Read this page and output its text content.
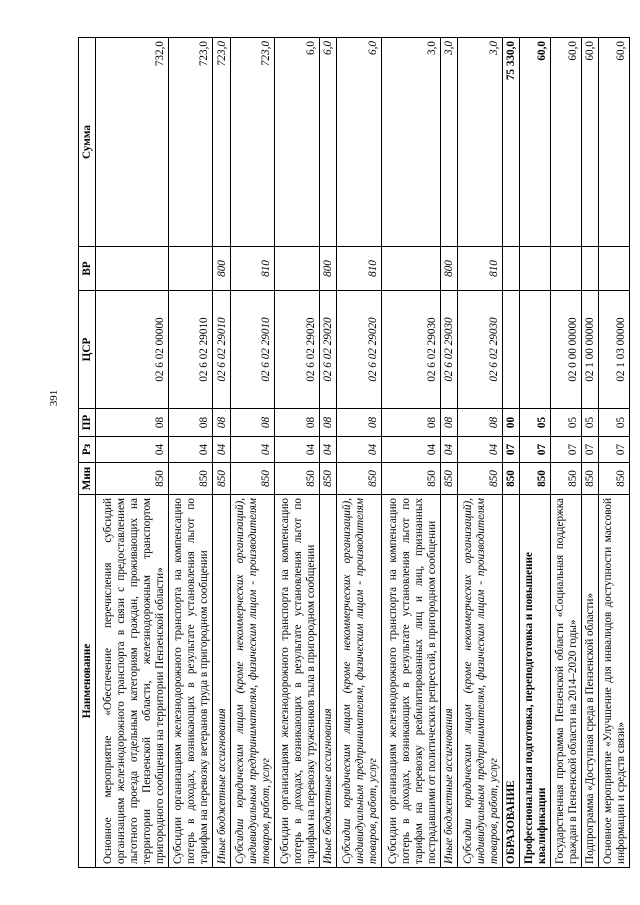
391
Наименование	Мин	Рз	ПР	ЦСР	ВР	Сумма
Основное мероприятие «Обеспечение перечисления субсидий организациям железнодорожного транспорта в связи с предоставлением льготного проезда отдельным категориям граждан, проживающих на территории Пензенской области, железнодорожным транспортом пригородного сообщения на территории Пензенской области»	850	04	08	02 6 02 00000		732,0
Субсидии организациям железнодорожного транспорта на компенсацию потерь в доходах, возникающих в результате установления льгот по тарифам на перевозку ветеранов труда в пригородном сообщении	850	04	08	02 6 02 29010		723,0
Иные бюджетные ассигнования	850	04	08	02 6 02 29010	800	723,0
Субсидии юридическим лицам (кроме некоммерческих организаций), индивидуальным предпринимателям, физическим лицам - производителям товаров, работ, услуг	850	04	08	02 6 02 29010	810	723,0
Субсидии организациям железнодорожного транспорта на компенсацию потерь в доходах, возникающих в результате установления льгот по тарифам на перевозку тружеников тыла в пригородном сообщении	850	04	08	02 6 02 29020		6,0
Иные бюджетные ассигнования	850	04	08	02 6 02 29020	800	6,0
Субсидии юридическим лицам (кроме некоммерческих организаций), индивидуальным предпринимателям, физическим лицам - производителям товаров, работ, услуг	850	04	08	02 6 02 29020	810	6,0
Субсидии организациям железнодорожного транспорта на компенсацию потерь в доходах, возникающих в результате установления льгот по тарифам на перевозку реабилитированных лиц и лиц, признанных пострадавшими от политических репрессий, в пригородном сообщении	850	04	08	02 6 02 29030		3,0
Иные бюджетные ассигнования	850	04	08	02 6 02 29030	800	3,0
Субсидии юридическим лицам (кроме некоммерческих организаций), индивидуальным предпринимателям, физическим лицам - производителям товаров, работ, услуг	850	04	08	02 6 02 29030	810	3,0
ОБРАЗОВАНИЕ	850	07	00			75 330,0
Профессиональная подготовка, переподготовка и повышение квалификации	850	07	05			60,0
Государственная программа Пензенской области «Социальная поддержка граждан в Пензенской области на 2014–2020 годы»	850	07	05	02 0 00 00000		60,0
Подпрограмма «Доступная среда в Пензенской области»	850	07	05	02 1 00 00000		60,0
Основное мероприятие «Улучшение для инвалидов доступности массовой информации и средств связи»	850	07	05	02 1 03 00000		60,0
